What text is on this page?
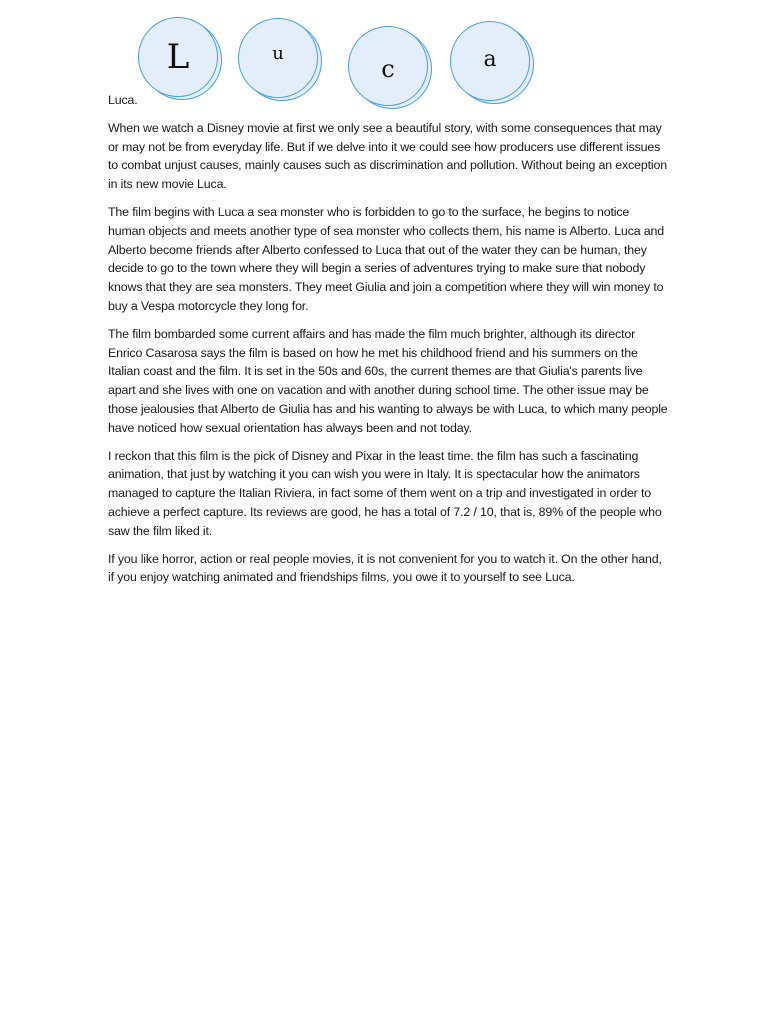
L	u
c	a

Luca.

When we watch a Disney movie at first we only see a beautiful story, with some consequences that may or may not be from everyday life. But if we delve into it we could see how producers use different issues to combat unjust causes, mainly causes such as discrimination and pollution. Without being an exception in its new movie Luca.

The film begins with Luca a sea monster who is forbidden to go to the surface, he begins to notice human objects and meets another type of sea monster who collects them, his name is Alberto. Luca and Alberto become friends after Alberto confessed to Luca that out of the water they can be human, they decide to go to the town where they will begin a series of adventures trying to make sure that nobody knows that they are sea monsters. They meet Giulia and join a competition where they will win money to buy a Vespa motorcycle they long for.

The film bombarded some current affairs and has made the film much brighter, although its director Enrico Casarosa says the film is based on how he met his childhood friend and his summers on the Italian coast and the film. It is set in the 50s and 60s, the current themes are that Giulia's parents live apart and she lives with one on vacation and with another during school time. The other issue may be those jealousies that Alberto de Giulia has and his wanting to always be with Luca, to which many people have noticed how sexual orientation has always been and not today.

I reckon that this film is the pick of Disney and Pixar in the least time. the film has such a fascinating animation, that just by watching it you can wish you were in Italy. It is spectacular how the animators managed to capture the Italian Riviera, in fact some of them went on a trip and investigated in order to achieve a perfect capture. Its reviews are good, he has a total of 7.2 / 10, that is, 89% of the people who saw the film liked it.

If you like horror, action or real people movies, it is not convenient for you to watch it. On the other hand, if you enjoy watching animated and friendships films, you owe it to yourself to see Luca.
